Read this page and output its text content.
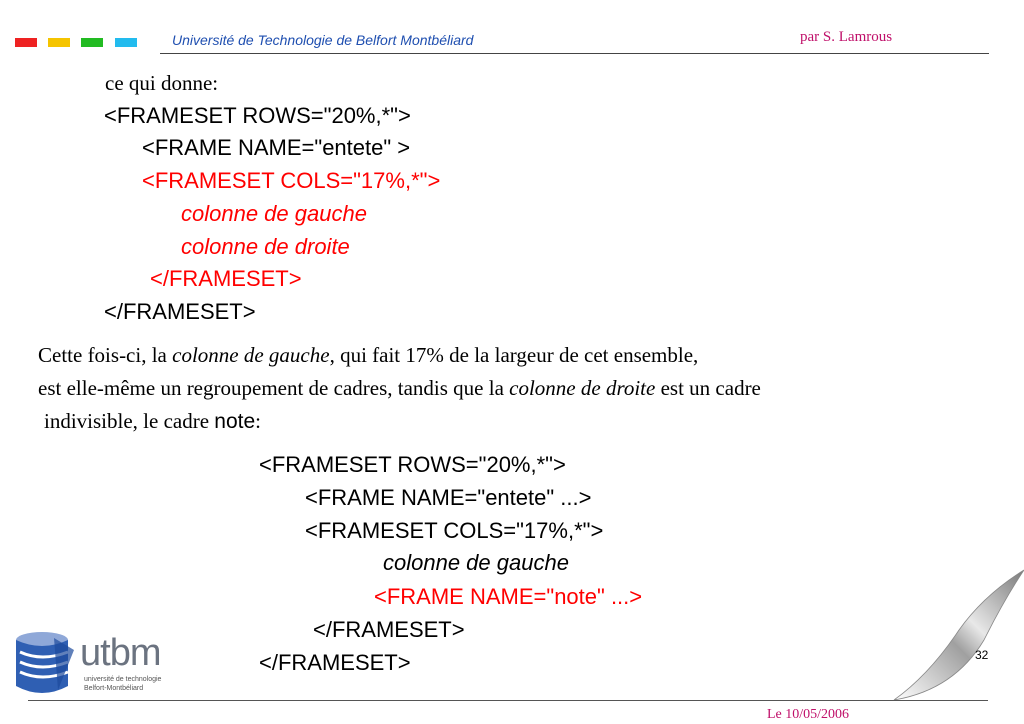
Université de Technologie de Belfort Montbéliard	par S. Lamrous
ce qui donne:
<FRAMESET ROWS="20%,*">
<FRAME NAME="entete" >
<FRAMESET COLS="17%,*">
colonne de gauche
colonne de droite
</FRAMESET>
</FRAMESET>
Cette fois-ci, la colonne de gauche, qui fait 17% de la largeur de cet ensemble,
est elle-même un regroupement de cadres, tandis que la colonne de droite est un cadre
indivisible, le cadre note:
<FRAMESET ROWS="20%,*">
<FRAME NAME="entete" ...>
<FRAMESET COLS="17%,*">
colonne de gauche
<FRAME NAME="note" ...>
</FRAMESET>
</FRAMESET>
utbm
université de technologie
Belfort-Montbéliard
32
Le 10/05/2006
